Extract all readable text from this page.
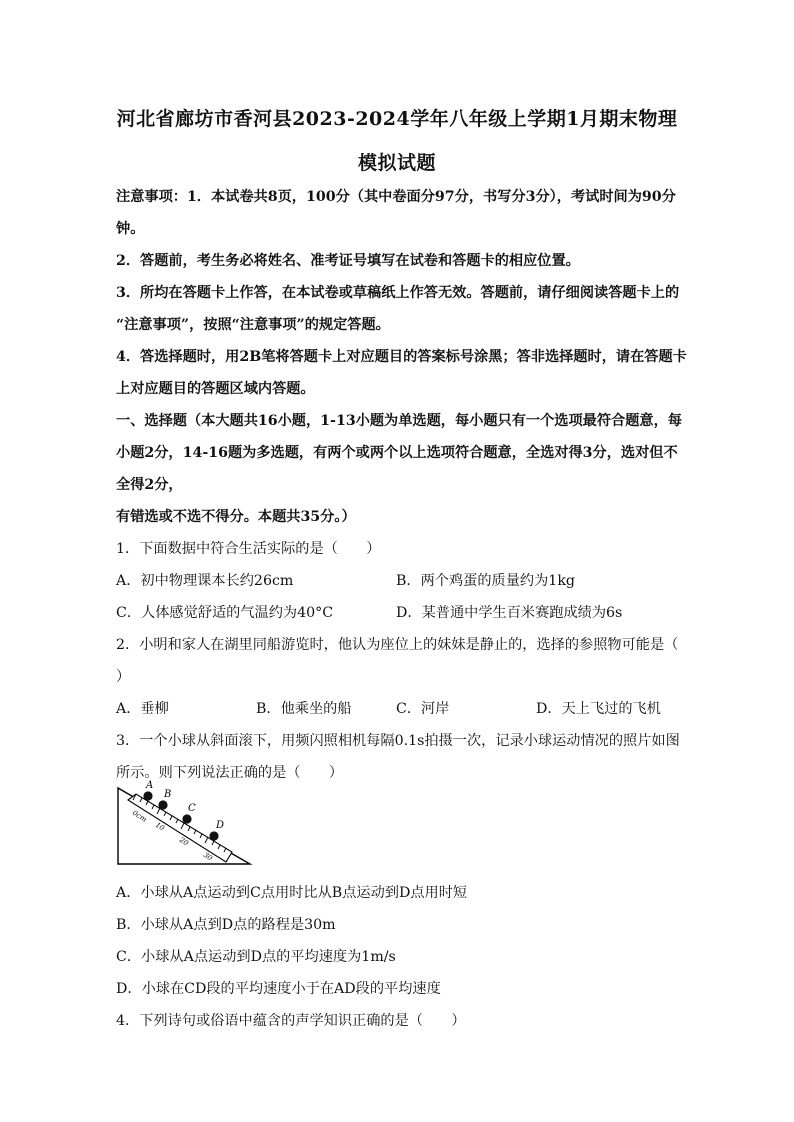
河北省廊坊市香河县2023-2024学年八年级上学期1月期末物理
模拟试题
注意事项：1．本试卷共8页，100分（其中卷面分97分，书写分3分），考试时间为90分
钟。
2．答题前，考生务必将姓名、准考证号填写在试卷和答题卡的相应位置。
3．所均在答题卡上作答，在本试卷或草稿纸上作答无效。答题前，请仔细阅读答题卡上的
“注意事项”，按照“注意事项”的规定答题。
4．答选择题时，用2B笔将答题卡上对应题目的答案标号涂黑；答非选择题时，请在答题卡
上对应题目的答题区域内答题。
一、选择题（本大题共16小题，1-13小题为单选题，每小题只有一个选项最符合题意，每
小题2分，14-16题为多选题，有两个或两个以上选项符合题意，全选对得3分，选对但不
全得2分，
有错选或不选不得分。本题共35分。）
1．下面数据中符合生活实际的是（　　）
A．初中物理课本长约26cm	B．两个鸡蛋的质量约为1kg
C．人体感觉舒适的气温约为40°C	D．某普通中学生百米赛跑成绩为6s
2．小明和家人在湖里同船游览时，他认为座位上的妹妹是静止的，选择的参照物可能是（
）
A．垂柳	B．他乘坐的船	C．河岸	D．天上飞过的飞机
3．一个小球从斜面滚下，用频闪照相机每隔0.1s拍摄一次，记录小球运动情况的照片如图
所示。则下列说法正确的是（　　）
0cm
10
20
30
A
B
C
D
A．小球从A点运动到C点用时比从B点运动到D点用时短
B．小球从A点到D点的路程是30m
C．小球从A点运动到D点的平均速度为1m/s
D．小球在CD段的平均速度小于在AD段的平均速度
4．下列诗句或俗语中蕴含的声学知识正确的是（　　）
